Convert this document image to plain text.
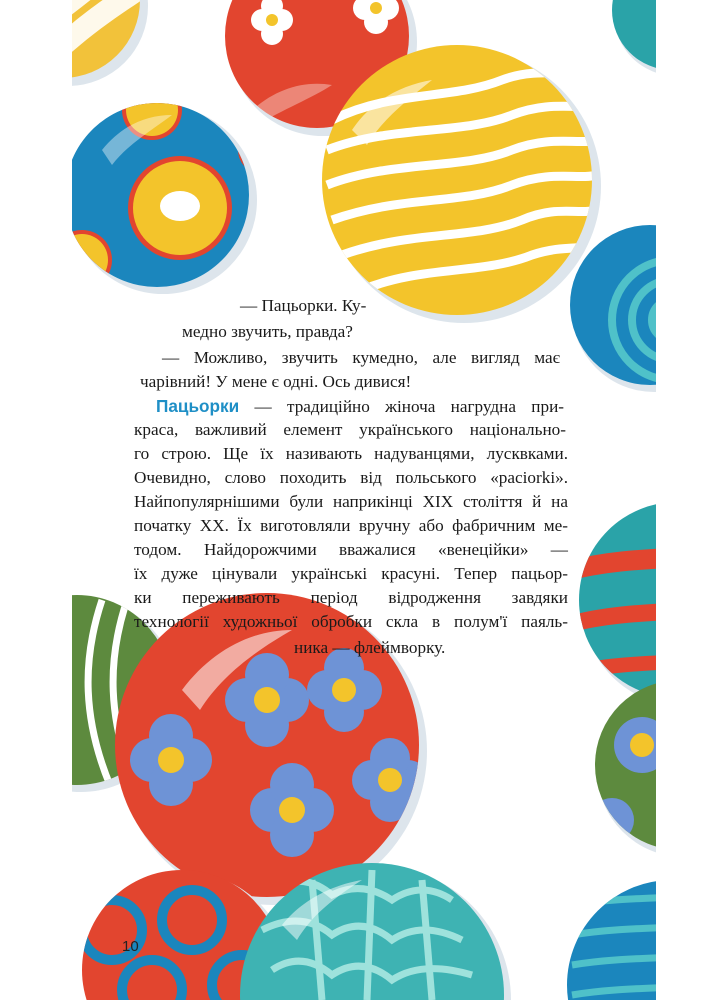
— Пацьорки. Ку-
медно звучить, правда?
— Можливо, звучить кумедно, але вигляд має
чарівний! У мене є одні. Ось дивися!
Пацьорки — традиційно жіноча нагрудна при-
краса, важливий елемент українського національно-
го строю. Ще їх називають надуванцями, лусквками.
Очевидно, слово походить від польського «paciorki».
Найпопулярнішими були наприкінці XIX століття й на
початку XX. Їх виготовляли вручну або фабричним ме-
тодом. Найдорожчими вважалися «венеційки» —
їх дуже цінували українські красуні. Тепер пацьор-
ки переживають період відродження завдяки
технології художньої обробки скла в полум'ї паяль-
ника — флеймворку.
10
